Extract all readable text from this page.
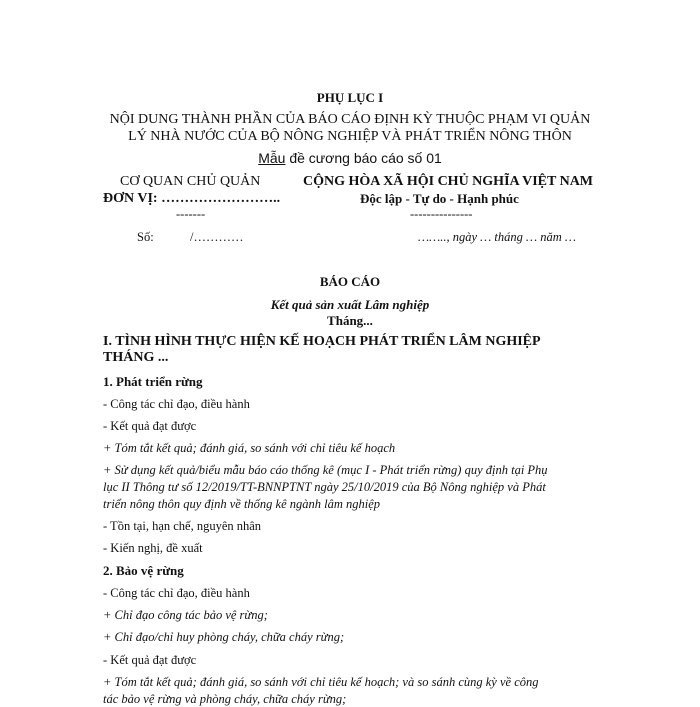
PHỤ LỤC I
NỘI DUNG THÀNH PHẦN CỦA BÁO CÁO ĐỊNH KỲ THUỘC PHẠM VI QUẢN
LÝ NHÀ NƯỚC CỦA BỘ NÔNG NGHIỆP VÀ PHÁT TRIỂN NÔNG THÔN
Mẫu đề cương báo cáo số 01
CƠ QUAN CHỦ QUẢN
ĐƠN VỊ: ……………………..
-------
Số:	/…………
CỘNG HÒA XÃ HỘI CHỦ NGHĨA VIỆT NAM
Độc lập - Tự do - Hạnh phúc
---------------
…….., ngày … tháng … năm …
BÁO CÁO
Kết quả sản xuất Lâm nghiệp
Tháng...
I. TÌNH HÌNH THỰC HIỆN KẾ HOẠCH PHÁT TRIỂN LÂM NGHIỆP
THÁNG ...
1. Phát triển rừng
- Công tác chỉ đạo, điều hành
- Kết quả đạt được
+ Tóm tắt kết quả; đánh giá, so sánh với chỉ tiêu kế hoạch
+ Sử dụng kết quả/biểu mẫu báo cáo thống kê (mục I - Phát triển rừng) quy định tại Phụ
lục II Thông tư số 12/2019/TT-BNNPTNT ngày 25/10/2019 của Bộ Nông nghiệp và Phát
triển nông thôn quy định về thống kê ngành lâm nghiệp
- Tồn tại, hạn chế, nguyên nhân
- Kiến nghị, đề xuất
2. Bảo vệ rừng
- Công tác chỉ đạo, điều hành
+ Chỉ đạo công tác bảo vệ rừng;
+ Chỉ đạo/chỉ huy phòng cháy, chữa cháy rừng;
- Kết quả đạt được
+ Tóm tắt kết quả; đánh giá, so sánh với chỉ tiêu kế hoạch; và so sánh cùng kỳ về công
tác bảo vệ rừng và phòng cháy, chữa cháy rừng;
